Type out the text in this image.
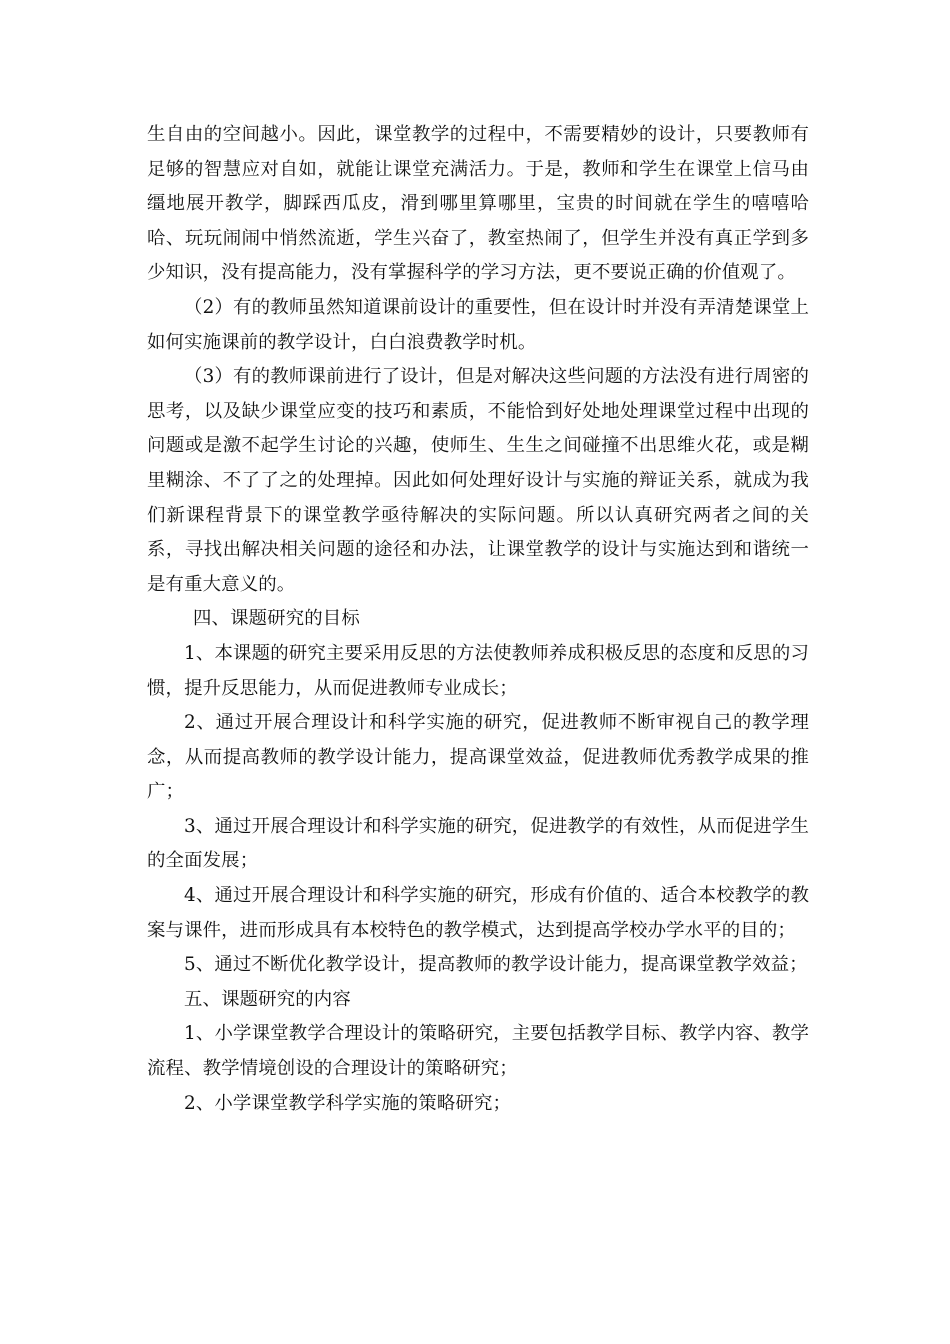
生自由的空间越小。因此，课堂教学的过程中，不需要精妙的设计，只要教师有足够的智慧应对自如，就能让课堂充满活力。于是，教师和学生在课堂上信马由缰地展开教学，脚踩西瓜皮，滑到哪里算哪里，宝贵的时间就在学生的嘻嘻哈哈、玩玩闹闹中悄然流逝，学生兴奋了，教室热闹了，但学生并没有真正学到多少知识，没有提高能力，没有掌握科学的学习方法，更不要说正确的价值观了。

（2）有的教师虽然知道课前设计的重要性，但在设计时并没有弄清楚课堂上如何实施课前的教学设计，白白浪费教学时机。

（3）有的教师课前进行了设计，但是对解决这些问题的方法没有进行周密的思考，以及缺少课堂应变的技巧和素质，不能恰到好处地处理课堂过程中出现的问题或是激不起学生讨论的兴趣，使师生、生生之间碰撞不出思维火花，或是糊里糊涂、不了了之的处理掉。因此如何处理好设计与实施的辩证关系，就成为我们新课程背景下的课堂教学亟待解决的实际问题。所以认真研究两者之间的关系，寻找出解决相关问题的途径和办法，让课堂教学的设计与实施达到和谐统一是有重大意义的。

四、课题研究的目标

1、本课题的研究主要采用反思的方法使教师养成积极反思的态度和反思的习惯，提升反思能力，从而促进教师专业成长；

2、通过开展合理设计和科学实施的研究，促进教师不断审视自己的教学理念，从而提高教师的教学设计能力，提高课堂效益，促进教师优秀教学成果的推广；

3、通过开展合理设计和科学实施的研究，促进教学的有效性，从而促进学生的全面发展；

4、通过开展合理设计和科学实施的研究，形成有价值的、适合本校教学的教案与课件，进而形成具有本校特色的教学模式，达到提高学校办学水平的目的；

5、通过不断优化教学设计，提高教师的教学设计能力，提高课堂教学效益；

五、课题研究的内容

1、小学课堂教学合理设计的策略研究，主要包括教学目标、教学内容、教学流程、教学情境创设的合理设计的策略研究；

2、小学课堂教学科学实施的策略研究；
